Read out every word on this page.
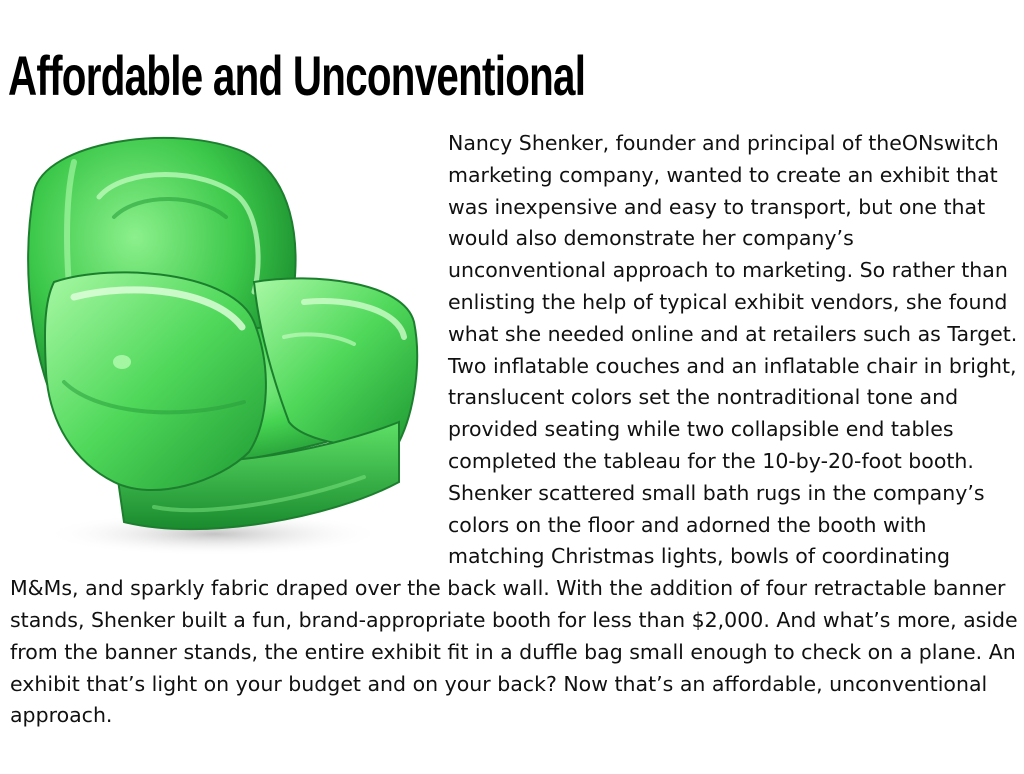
Affordable and Unconventional
Nancy Shenker, founder and principal of theONswitch marketing company, wanted to create an exhibit that was inexpensive and easy to transport, but one that would also demonstrate her company’s unconventional approach to marketing. So rather than enlisting the help of typical exhibit vendors, she found what she needed online and at retailers such as Target. Two inflatable couches and an inflatable chair in bright, translucent colors set the nontraditional tone and provided seating while two collapsible end tables completed the tableau for the 10-by-20-foot booth. Shenker scattered small bath rugs in the company’s colors on the floor and adorned the booth with matching Christmas lights, bowls of coordinating M&Ms, and sparkly fabric draped over the back wall. With the addition of four retractable banner stands, Shenker built a fun, brand-appropriate booth for less than $2,000. And what’s more, aside from the banner stands, the entire exhibit fit in a duffle bag small enough to check on a plane. An exhibit that’s light on your budget and on your back? Now that’s an affordable, unconventional approach.
